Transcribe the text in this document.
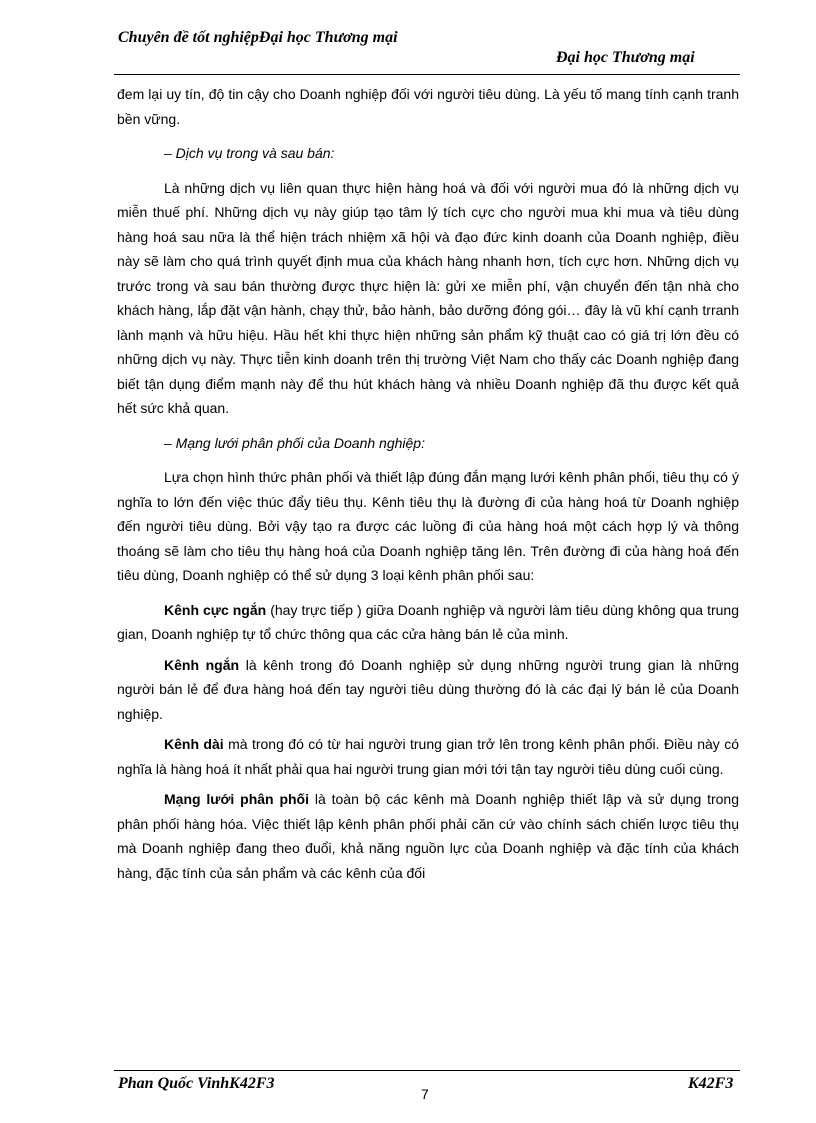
Chuyên đề tốt nghiệpĐại học Thương mại
Đại học Thương mại

đem lại uy tín, độ tin cậy cho Doanh nghiệp đối với người tiêu dùng. Là yếu tố mang tính cạnh tranh bền vững.

– Dịch vụ trong và sau bán:

Là những dịch vụ liên quan thực hiện hàng hoá và đối với người mua đó là những dịch vụ miễn thuế phí. Những dịch vụ này giúp tạo tâm lý tích cực cho người mua khi mua và tiêu dùng hàng hoá sau nữa là thể hiện trách nhiệm xã hội và đạo đức kinh doanh của Doanh nghiệp, điều này sẽ làm cho quá trình quyết định mua của khách hàng nhanh hơn, tích cực hơn. Những dịch vụ trước trong và sau bán thường được thực hiện là: gửi xe miễn phí, vận chuyển đến tận nhà cho khách hàng, lắp đặt vận hành, chạy thử, bảo hành, bảo dưỡng đóng gói… đây là vũ khí cạnh trranh lành mạnh và hữu hiệu. Hầu hết khi thực hiện những sản phẩm kỹ thuật cao có giá trị lớn đều có những dịch vụ này. Thực tiễn kinh doanh trên thị trường Việt Nam cho thấy các Doanh nghiệp đang biết tận dụng điểm mạnh này để thu hút khách hàng và nhiều Doanh nghiệp đã thu được kết quả hết sức khả quan.

– Mạng lưới phân phối của Doanh nghiệp:

Lựa chọn hình thức phân phối và thiết lập đúng đắn mạng lưới kênh phân phối, tiêu thụ có ý nghĩa to lớn đến việc thúc đẩy tiêu thụ. Kênh tiêu thụ là đường đi của hàng hoá từ Doanh nghiệp đến người tiêu dùng. Bởi vậy tạo ra được các luồng đi của hàng hoá một cách hợp lý và thông thoáng sẽ làm cho tiêu thụ hàng hoá của Doanh nghiệp tăng lên. Trên đường đi của hàng hoá đến tiêu dùng, Doanh nghiệp có thể sử dụng 3 loại kênh phân phối sau:

Kênh cực ngắn (hay trực tiếp ) giữa Doanh nghiệp và người làm tiêu dùng không qua trung gian, Doanh nghiệp tự tổ chức thông qua các cửa hàng bán lẻ của mình.

Kênh ngắn là kênh trong đó Doanh nghiệp sử dụng những người trung gian là những người bán lẻ để đưa hàng hoá đến tay người tiêu dùng thường đó là các đại lý bán lẻ của Doanh nghiệp.

Kênh dài mà trong đó có từ hai người trung gian trở lên trong kênh phân phối. Điều này có nghĩa là hàng hoá ít nhất phải qua hai người trung gian mới tới tận tay người tiêu dùng cuối cùng.

Mạng lưới phân phối là toàn bộ các kênh mà Doanh nghiệp thiết lập và sử dụng trong phân phối hàng hóa. Việc thiết lập kênh phân phối phải căn cứ vào chính sách chiến lược tiêu thụ mà Doanh nghiệp đang theo đuổi, khả năng nguồn lực của Doanh nghiệp và đặc tính của khách hàng, đặc tính của sản phẩm và các kênh của đối

Phan Quốc VinhK42F3
7
K42F3
